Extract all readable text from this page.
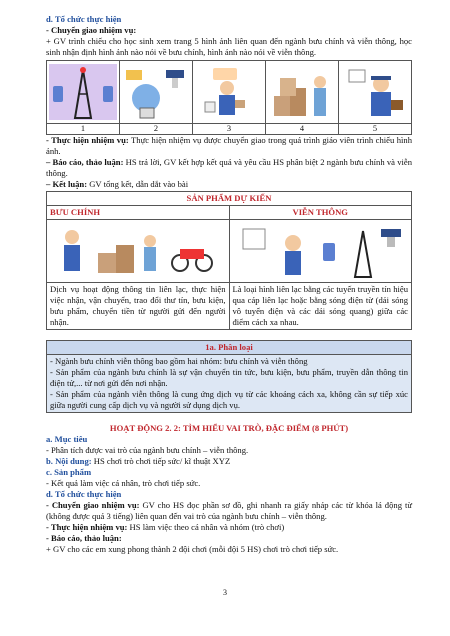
d. Tổ chức thực hiện

- Chuyển giao nhiệm vụ:

+ GV trình chiếu cho học sinh xem trang 5 hình ảnh liên quan đến ngành bưu chính và viễn thông, học sinh nhận định hình ảnh nào nói về bưu chính, hình ảnh nào nói về viễn thông.

1	2	3	4	5

- Thực hiện nhiệm vụ: Thực hiện nhiệm vụ được chuyển giao trong quá trình giáo viên trình chiếu hình ảnh.

– Báo cáo, thảo luận: HS trả lời, GV kết hợp kết quả và yêu cầu HS phân biệt 2 ngành bưu chính và viễn thông.

– Kết luận: GV tổng kết, dẫn dắt vào bài

SẢN PHẨM DỰ KIẾN	
BƯU CHÍNH	VIỄN THÔNG

Dịch vụ hoạt động thông tin liên lạc, thực hiện việc nhận, vận chuyển, trao đổi thư tín, bưu kiện, bưu phẩm, chuyển tiền từ người gửi đến người nhận.	Là loại hình liên lạc bằng các tuyến truyền tín hiệu qua cáp liên lạc hoặc bằng sóng điện từ (dải sóng vô tuyến điện và các dải sóng quang) giữa các điểm cách xa nhau.
1a. Phân loại

- Ngành bưu chính viễn thông bao gồm hai nhóm: bưu chính và viễn thông

- Sản phẩm của ngành bưu chính là sự vận chuyển tin tức, bưu kiện, bưu phẩm, truyền dẫn thông tin điện tử,... từ nơi gửi đến nơi nhận.

- Sản phẩm của ngành viễn thông là cung ứng dịch vụ từ các khoảng cách xa, không cần sự tiếp xúc giữa người cung cấp dịch vụ và người sử dụng dịch vụ.

HOẠT ĐỘNG 2. 2: TÌM HIỂU VAI TRÒ, ĐẶC ĐIỂM (8 PHÚT)

a. Mục tiêu

- Phân tích được vai trò của ngành bưu chính – viễn thông.

b. Nội dung: HS chơi trò chơi tiếp sức/ kĩ thuật XYZ

c. Sản phẩm

- Kết quả làm việc cá nhân, trò chơi tiếp sức.

d. Tổ chức thực hiện

- Chuyển giao nhiệm vụ: GV cho HS đọc phần sơ đồ, ghi nhanh ra giấy nháp các từ khóa lá động từ (không được quá 3 tiếng) liên quan đến vai trò của ngành bưu chính – viễn thông.

- Thực hiện nhiệm vụ: HS làm việc theo cá nhân và nhóm (trò chơi)

- Báo cáo, thảo luận:

+ GV cho các em xung phong thành 2 đội chơi (mỗi đội 5 HS) chơi trò chơi tiếp sức.

3
